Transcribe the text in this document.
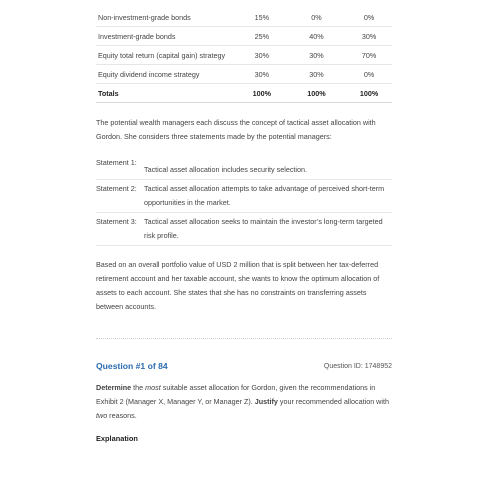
Non-investment-grade bonds	15%	0%	0%
Investment-grade bonds	25%	40%	30%
Equity total return (capital gain) strategy	30%	30%	70%
Equity dividend income strategy	30%	30%	0%
Totals	100%	100%	100%

The potential wealth managers each discuss the concept of tactical asset allocation with Gordon. She considers three statements made by the potential managers:

Statement 1:
Tactical asset allocation includes security selection.
Statement 2:	Tactical asset allocation attempts to take advantage of perceived short-term opportunities in the market.
Statement 3:	Tactical asset allocation seeks to maintain the investor’s long-term targeted risk profile.

Based on an overall portfolio value of USD 2 million that is split between her tax-deferred retirement account and her taxable account, she wants to know the optimum allocation of assets to each account. She states that she has no constraints on transferring assets between accounts.

Question #1 of 84	Question ID: 1748952

Determine the most suitable asset allocation for Gordon, given the recommendations in Exhibit 2 (Manager X, Manager Y, or Manager Z). Justify your recommended allocation with two reasons.

Explanation
